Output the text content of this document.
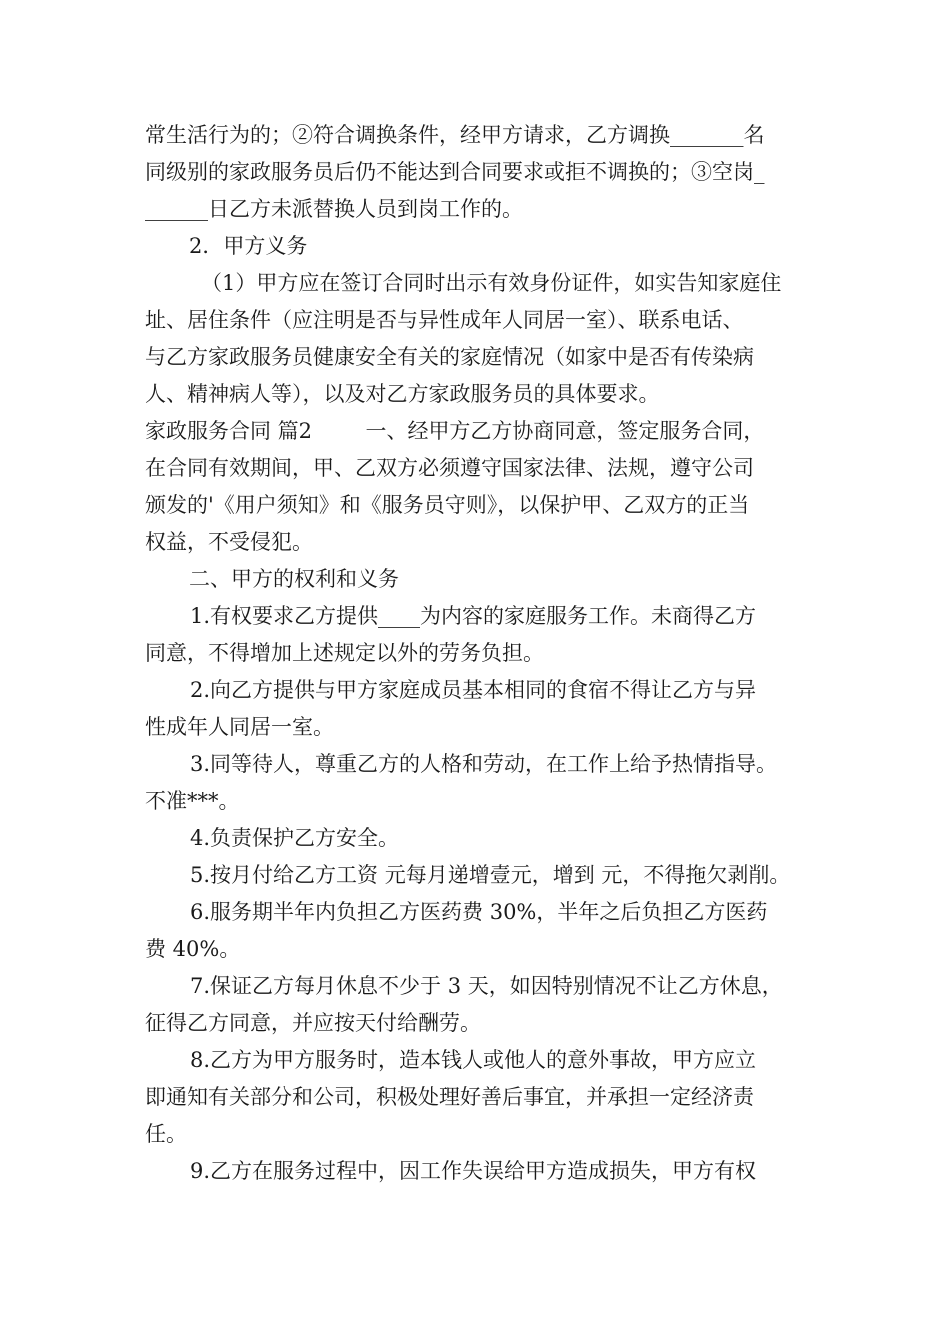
常生活行为的；②符合调换条件，经甲方请求，乙方调换_______名
同级别的家政服务员后仍不能达到合同要求或拒不调换的；③空岗_
______日乙方未派替换人员到岗工作的。
2．甲方义务
（1）甲方应在签订合同时出示有效身份证件，如实告知家庭住
址、居住条件（应注明是否与异性成年人同居一室）、联系电话、
与乙方家政服务员健康安全有关的家庭情况（如家中是否有传染病
人、精神病人等），以及对乙方家政服务员的具体要求。
家政服务合同 篇2        一、经甲方乙方协商同意，签定服务合同，
在合同有效期间，甲、乙双方必须遵守国家法律、法规，遵守公司
颁发的'《用户须知》和《服务员守则》，以保护甲、乙双方的正当
权益，不受侵犯。
二、甲方的权利和义务
1.有权要求乙方提供____为内容的家庭服务工作。未商得乙方
同意，不得增加上述规定以外的劳务负担。
2.向乙方提供与甲方家庭成员基本相同的食宿不得让乙方与异
性成年人同居一室。
3.同等待人，尊重乙方的人格和劳动，在工作上给予热情指导。
不准***。
4.负责保护乙方安全。
5.按月付给乙方工资 元每月递增壹元，增到 元，不得拖欠剥削。
6.服务期半年内负担乙方医药费 30%，半年之后负担乙方医药
费 40%。
7.保证乙方每月休息不少于 3 天，如因特别情况不让乙方休息，
征得乙方同意，并应按天付给酬劳。
8.乙方为甲方服务时，造本钱人或他人的意外事故，甲方应立
即通知有关部分和公司，积极处理好善后事宜，并承担一定经济责
任。
9.乙方在服务过程中，因工作失误给甲方造成损失，甲方有权
